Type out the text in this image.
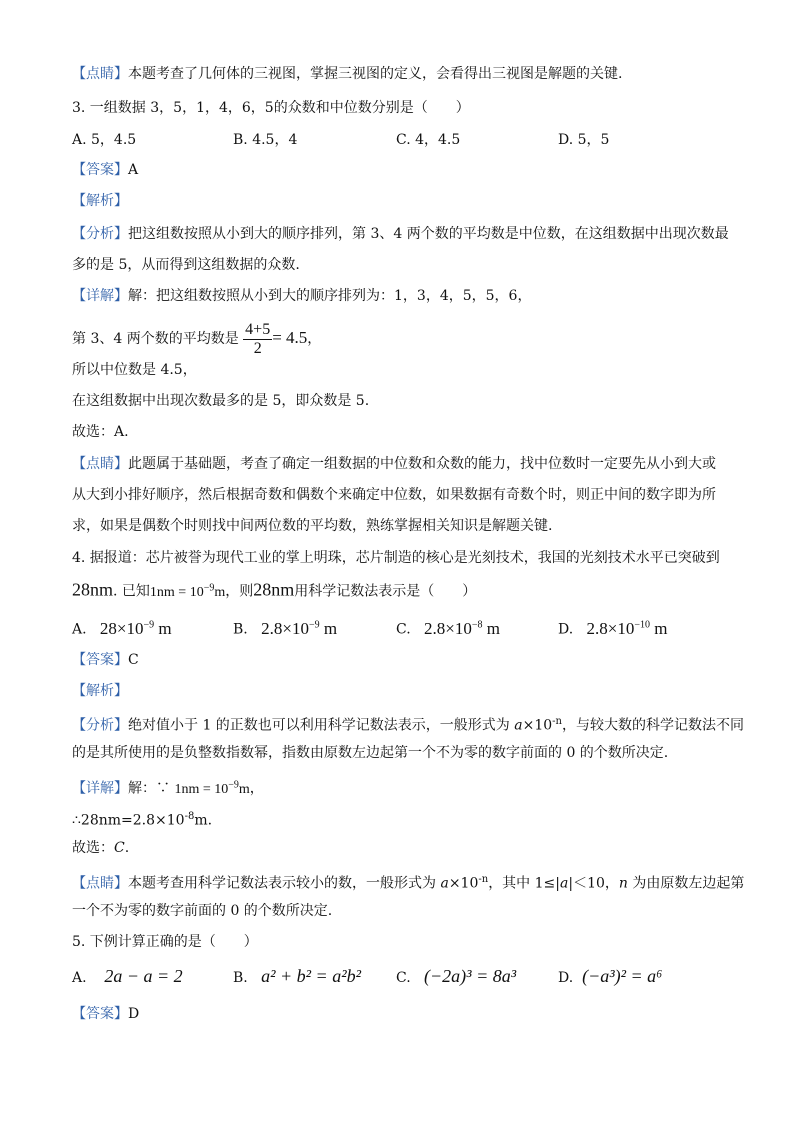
【点睛】本题考查了几何体的三视图，掌握三视图的定义，会看得出三视图是解题的关键.
3. 一组数据 3，5，1，4，6，5的众数和中位数分别是（　　）
A. 5，4.5	B. 4.5，4	C. 4，4.5	D. 5，5
【答案】A
【解析】
【分析】把这组数按照从小到大的顺序排列，第 3、4 两个数的平均数是中位数，在这组数据中出现次数最
多的是 5，从而得到这组数据的众数.
【详解】解：把这组数按照从小到大的顺序排列为：1，3，4，5，5，6，
第 3、4 两个数的平均数是 $\frac{4+5}{2} = 4.5$，
所以中位数是 4.5，
在这组数据中出现次数最多的是 5，即众数是 5.
故选：A.
【点睛】此题属于基础题，考查了确定一组数据的中位数和众数的能力，找中位数时一定要先从小到大或
从大到小排好顺序，然后根据奇数和偶数个来确定中位数，如果数据有奇数个时，则正中间的数字即为所
求，如果是偶数个时则找中间两位数的平均数，熟练掌握相关知识是解题关键.
4. 据报道：芯片被誉为现代工业的掌上明珠，芯片制造的核心是光刻技术，我国的光刻技术水平已突破到
28nm. 已知$1nm = 10^{-9}m$，则28nm用科学记数法表示是（　　）
A. $28\times 10^{-9}$ m	B. $2.8\times 10^{-9}$ m	C. $2.8\times 10^{-8}$ m	D. $2.8\times 10^{-10}$ m
【答案】C
【解析】
【分析】绝对值小于 1 的正数也可以利用科学记数法表示，一般形式为 $a\times 10^{-n}$，与较大数的科学记数法不同
的是其所使用的是负整数指数幂，指数由原数左边起第一个不为零的数字前面的 0 的个数所决定.
【详解】解：∵ $1nm = 10^{-9}m$，
$\therefore 28nm=2.8\times 10^{-8}m$.
故选：C.
【点睛】本题考查用科学记数法表示较小的数，一般形式为 $a\times 10^{-n}$，其中 1≤|a|＜10，n 为由原数左边起第
一个不为零的数字前面的 0 的个数所决定.
5. 下例计算正确的是（　　）
A. 2a − a = 2	B. a² + b² = a²b²	C. (−2a)³ = 8a³	D. (−a³)² = a⁶
【答案】D
